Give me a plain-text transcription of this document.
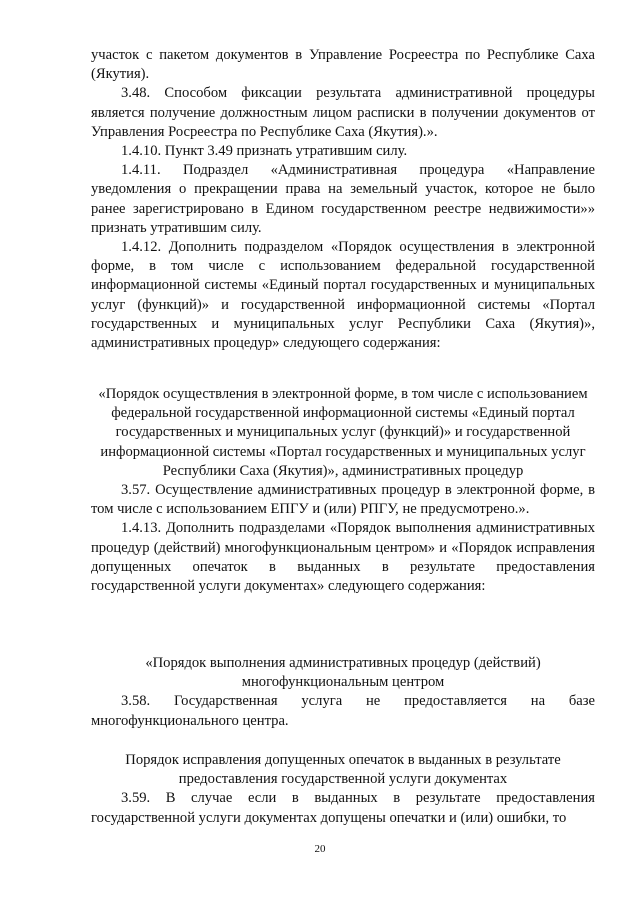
участок с пакетом документов в Управление Росреестра по Республике Саха (Якутия).

3.48. Способом фиксации результата административной процедуры является получение должностным лицом расписки в получении документов от Управления Росреестра по Республике Саха (Якутия).».

1.4.10. Пункт 3.49 признать утратившим силу.

1.4.11. Подраздел «Административная процедура «Направление уведомления о прекращении права на земельный участок, которое не было ранее зарегистрировано в Едином государственном реестре недвижимости»» признать утратившим силу.

1.4.12. Дополнить подразделом «Порядок осуществления в электронной форме, в том числе с использованием федеральной государственной информационной системы «Единый портал государственных и муниципальных услуг (функций)» и государственной информационной системы «Портал государственных и муниципальных услуг Республики Саха (Якутия)», административных процедур» следующего содержания:

«Порядок осуществления в электронной форме, в том числе с использованием федеральной государственной информационной системы «Единый портал государственных и муниципальных услуг (функций)» и государственной информационной системы «Портал государственных и муниципальных услуг Республики Саха (Якутия)», административных процедур

3.57. Осуществление административных процедур в электронной форме, в том числе с использованием ЕПГУ и (или) РПГУ, не предусмотрено.».

1.4.13. Дополнить подразделами «Порядок выполнения административных процедур (действий) многофункциональным центром» и «Порядок исправления допущенных опечаток в выданных в результате предоставления государственной услуги документах» следующего содержания:

«Порядок выполнения административных процедур (действий) многофункциональным центром

3.58. Государственная услуга не предоставляется на базе многофункционального центра.

Порядок исправления допущенных опечаток в выданных в результате предоставления государственной услуги документах

3.59. В случае если в выданных в результате предоставления государственной услуги документах допущены опечатки и (или) ошибки, то

20
